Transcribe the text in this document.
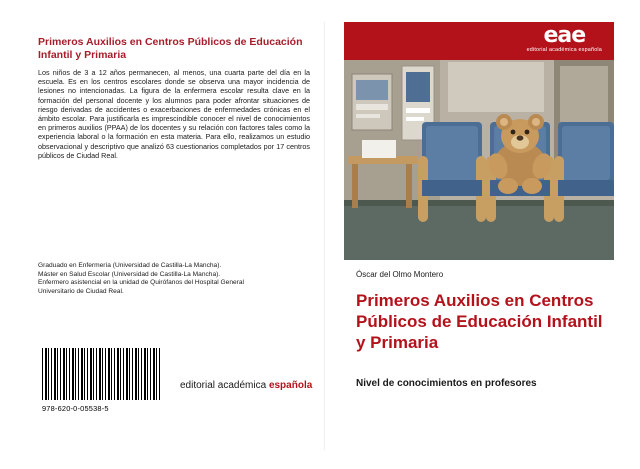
Primeros Auxilios en Centros Públicos de Educación Infantil y Primaria
Los niños de 3 a 12 años permanecen, al menos, una cuarta parte del día en la escuela. Es en los centros escolares donde se observa una mayor incidencia de lesiones no intencionadas. La figura de la enfermera escolar resulta clave en la formación del personal docente y los alumnos para poder afrontar situaciones de riesgo derivadas de accidentes o exacerbaciones de enfermedades crónicas en el ámbito escolar. Para justificarla es imprescindible conocer el nivel de conocimientos en primeros auxilios (PPAA) de los docentes y su relación con factores tales como la experiencia laboral o la formación en esta materia. Para ello, realizamos un estudio observacional y descriptivo que analizó 63 cuestionarios completados por 17 centros públicos de Ciudad Real.
Graduado en Enfermería (Universidad de Castilla-La Mancha).
Máster en Salud Escolar (Universidad de Castilla-La Mancha).
Enfermero asistencial en la unidad de Quirófanos del Hospital General
Universitario de Ciudad Real.
978-620-0-05538-5
editorial académica española
eae
editorial académica española
Óscar del Olmo Montero
Primeros Auxilios en Centros Públicos de Educación Infantil y Primaria
Nivel de conocimientos en profesores
